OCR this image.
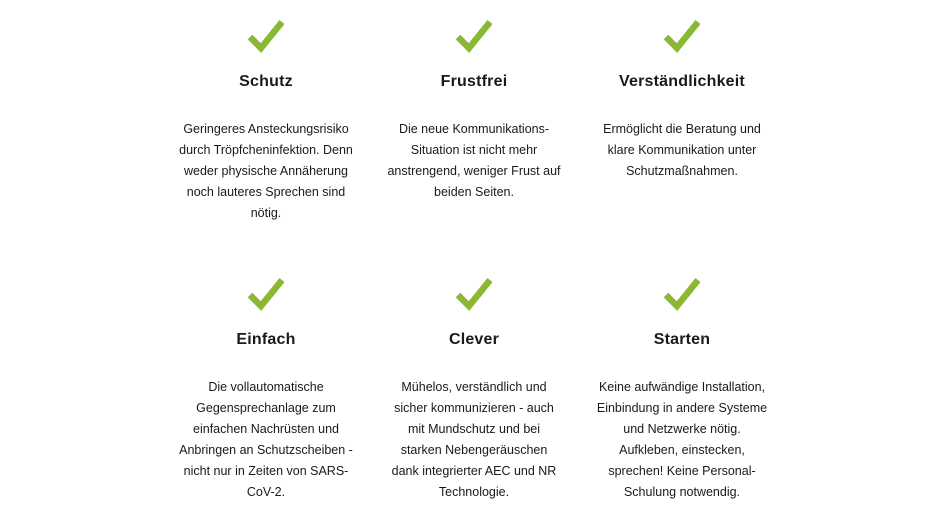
Schutz
Geringeres Ansteckungsrisiko durch Tröpfcheninfektion. Denn weder physische Annäherung noch lauteres Sprechen sind nötig.
Frustfrei
Die neue Kommunikations-Situation ist nicht mehr anstrengend, weniger Frust auf beiden Seiten.
Verständlichkeit
Ermöglicht die Beratung und klare Kommunikation unter Schutzmaßnahmen.
Einfach
Die vollautomatische Gegensprechanlage zum einfachen Nachrüsten und Anbringen an Schutzscheiben - nicht nur in Zeiten von SARS-CoV-2.
Clever
Mühelos, verständlich und sicher kommunizieren - auch mit Mundschutz und bei starken Nebengeräuschen dank integrierter AEC und NR Technologie.
Starten
Keine aufwändige Installation, Einbindung in andere Systeme und Netzwerke nötig. Aufkleben, einstecken, sprechen! Keine Personal-Schulung notwendig.
